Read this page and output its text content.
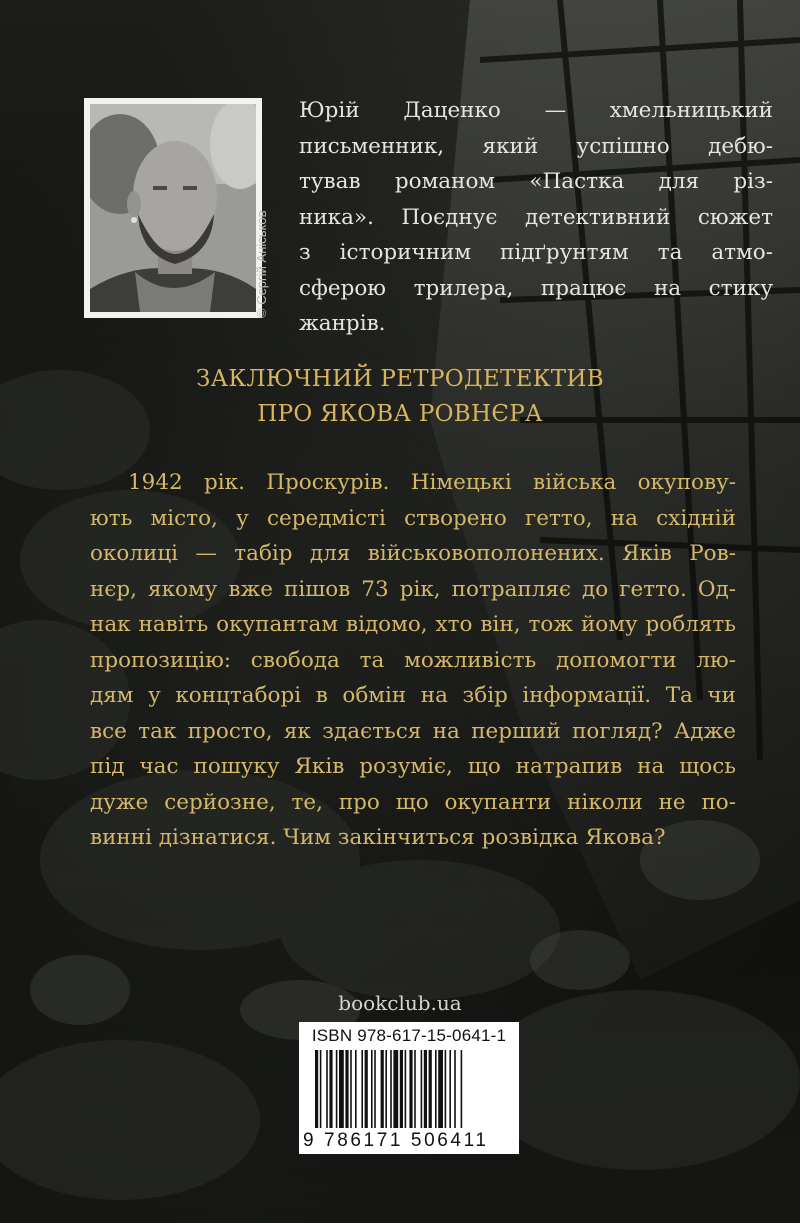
© Сергій Аніськов
Юрій Даценко — хмельницький
письменник, який успішно дебю-
тував романом «Пастка для різ-
ника». Поєднує детективний сюжет
з історичним підґрунтям та атмо-
сферою трилера, працює на стику
жанрів.
ЗАКЛЮЧНИЙ РЕТРОДЕТЕКТИВ
ПРО ЯКОВА РОВНЄРА
1942 рік. Проскурів. Німецькі війська окупову-
ють місто, у середмісті створено гетто, на східній
околиці — табір для військовополонених. Яків Ров-
нєр, якому вже пішов 73 рік, потрапляє до гетто. Од-
нак навіть окупантам відомо, хто він, тож йому роблять
пропозицію: свобода та можливість допомогти лю-
дям у концтаборі в обмін на збір інформації. Та чи
все так просто, як здається на перший погляд? Адже
під час пошуку Яків розуміє, що натрапив на щось
дуже серйозне, те, про що окупанти ніколи не по-
винні дізнатися. Чим закінчиться розвідка Якова?
bookclub.ua
ISBN 978-617-15-0641-1
9 786171 506411
